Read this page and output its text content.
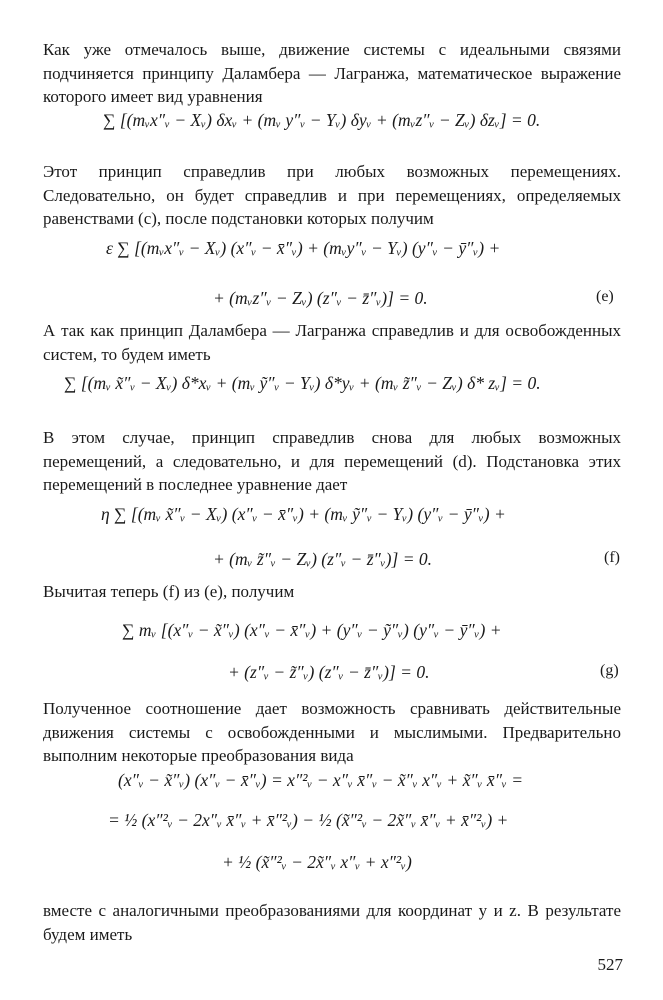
Как уже отмечалось выше, движение системы с идеальными связями подчиняется принципу Даламбера — Лагранжа, математическое выражение которого имеет вид уравнения
∑ [(mᵥx″ᵥ − Xᵥ) δxᵥ + (mᵥ y″ᵥ − Yᵥ) δyᵥ + (mᵥz″ᵥ − Zᵥ) δzᵥ] = 0.
Этот принцип справедлив при любых возможных перемещениях. Следовательно, он будет справедлив и при перемещениях, определяемых равенствами (с), после подстановки которых получим
ε ∑ [(mᵥx″ᵥ − Xᵥ) (x″ᵥ − x̄″ᵥ) + (mᵥy″ᵥ − Yᵥ) (y″ᵥ − ȳ″ᵥ) +
+ (mᵥz″ᵥ − Zᵥ) (z″ᵥ − z̄″ᵥ)] = 0.	(e)
А так как принцип Даламбера — Лагранжа справедлив и для освобожденных систем, то будем иметь
∑ [(mᵥ x̃″ᵥ − Xᵥ) δ*xᵥ + (mᵥ ỹ″ᵥ − Yᵥ) δ*yᵥ + (mᵥ z̃″ᵥ − Zᵥ) δ* zᵥ] = 0.
В этом случае, принцип справедлив снова для любых возможных перемещений, а следовательно, и для перемещений (d). Подстановка этих перемещений в последнее уравнение дает
η ∑ [(mᵥ x̃″ᵥ − Xᵥ) (x″ᵥ − x̄″ᵥ) + (mᵥ ỹ″ᵥ − Yᵥ) (y″ᵥ − ȳ″ᵥ) +
+ (mᵥ z̃″ᵥ − Zᵥ) (z″ᵥ − z̄″ᵥ)] = 0.	(f)
Вычитая теперь (f) из (e), получим
∑ mᵥ [(x″ᵥ − x̃″ᵥ) (x″ᵥ − x̄″ᵥ) + (y″ᵥ − ỹ″ᵥ) (y″ᵥ − ȳ″ᵥ) +
+ (z″ᵥ − z̃″ᵥ) (z″ᵥ − z̄″ᵥ)] = 0.	(g)
Полученное соотношение дает возможность сравнивать действительные движения системы с освобожденными и мыслимыми. Предварительно выполним некоторые преобразования вида
(x″ᵥ − x̃″ᵥ) (x″ᵥ − x̄″ᵥ) = x″²ᵥ − x″ᵥ x̄″ᵥ − x̃″ᵥ x″ᵥ + x̃″ᵥ x̄″ᵥ =
= ½ (x″²ᵥ − 2x″ᵥ x̄″ᵥ + x̄″²ᵥ) − ½ (x̃″²ᵥ − 2x̃″ᵥ x̄″ᵥ + x̄″²ᵥ) +
+ ½ (x̃″²ᵥ − 2x̃″ᵥ x″ᵥ + x″²ᵥ)
вместе с аналогичными преобразованиями для координат y и z. В результате будем иметь
527
